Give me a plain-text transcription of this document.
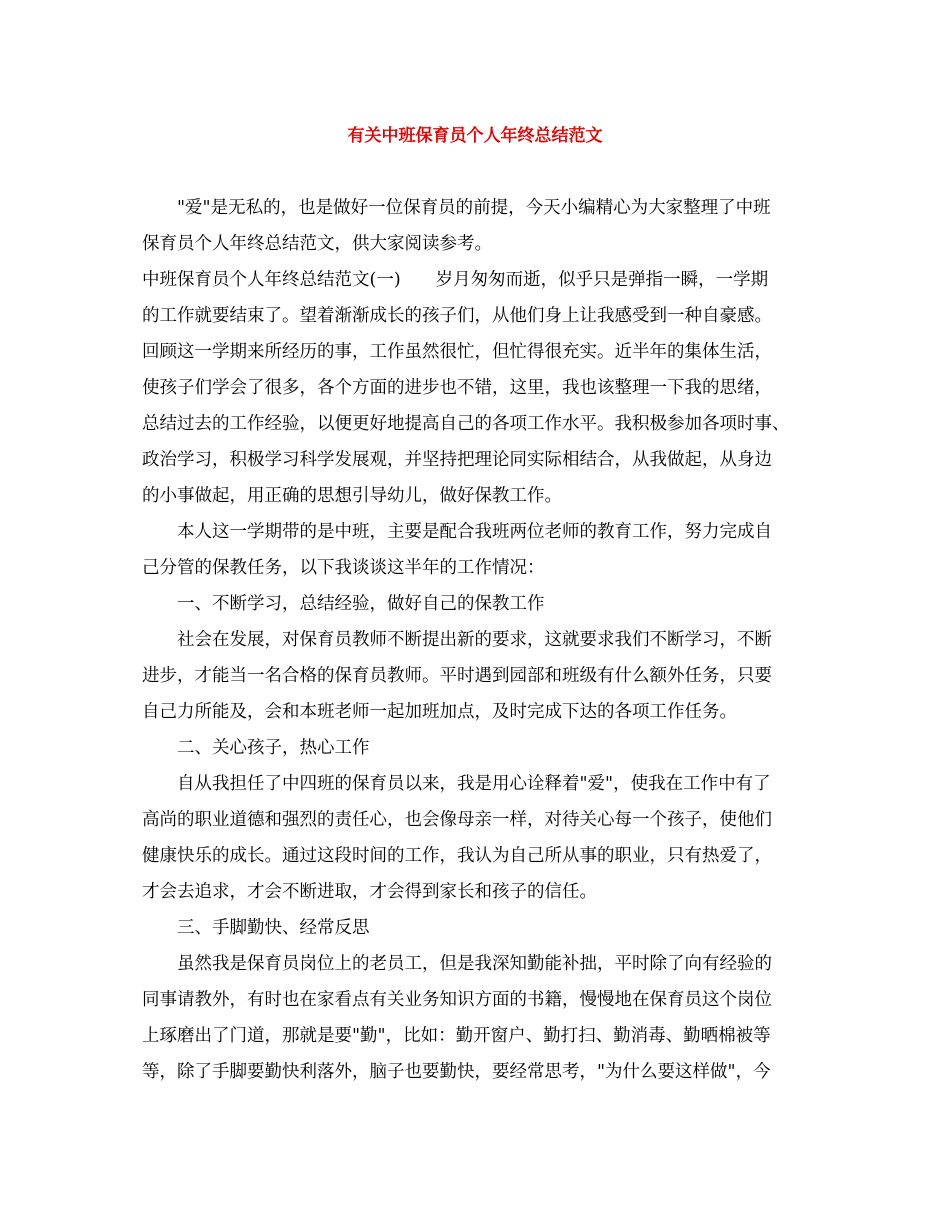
有关中班保育员个人年终总结范文

"爱"是无私的，也是做好一位保育员的前提，今天小编精心为大家整理了中班

保育员个人年终总结范文，供大家阅读参考。

中班保育员个人年终总结范文(一)　　岁月匆匆而逝，似乎只是弹指一瞬，一学期

的工作就要结束了。望着渐渐成长的孩子们，从他们身上让我感受到一种自豪感。

回顾这一学期来所经历的事，工作虽然很忙，但忙得很充实。近半年的集体生活，

使孩子们学会了很多，各个方面的进步也不错，这里，我也该整理一下我的思绪，

总结过去的工作经验，以便更好地提高自己的各项工作水平。我积极参加各项时事、

政治学习，积极学习科学发展观，并坚持把理论同实际相结合，从我做起，从身边

的小事做起，用正确的思想引导幼儿，做好保教工作。

本人这一学期带的是中班，主要是配合我班两位老师的教育工作，努力完成自

己分管的保教任务，以下我谈谈这半年的工作情况：

一、不断学习，总结经验，做好自己的保教工作

社会在发展，对保育员教师不断提出新的要求，这就要求我们不断学习，不断

进步，才能当一名合格的保育员教师。平时遇到园部和班级有什么额外任务，只要

自己力所能及，会和本班老师一起加班加点，及时完成下达的各项工作任务。

二、关心孩子，热心工作

自从我担任了中四班的保育员以来，我是用心诠释着"爱"，使我在工作中有了

高尚的职业道德和强烈的责任心，也会像母亲一样，对待关心每一个孩子，使他们

健康快乐的成长。通过这段时间的工作，我认为自己所从事的职业，只有热爱了，

才会去追求，才会不断进取，才会得到家长和孩子的信任。

三、手脚勤快、经常反思

虽然我是保育员岗位上的老员工，但是我深知勤能补拙，平时除了向有经验的

同事请教外，有时也在家看点有关业务知识方面的书籍，慢慢地在保育员这个岗位

上琢磨出了门道，那就是要"勤"，比如：勤开窗户、勤打扫、勤消毒、勤晒棉被等

等，除了手脚要勤快利落外，脑子也要勤快，要经常思考，"为什么要这样做"，今
